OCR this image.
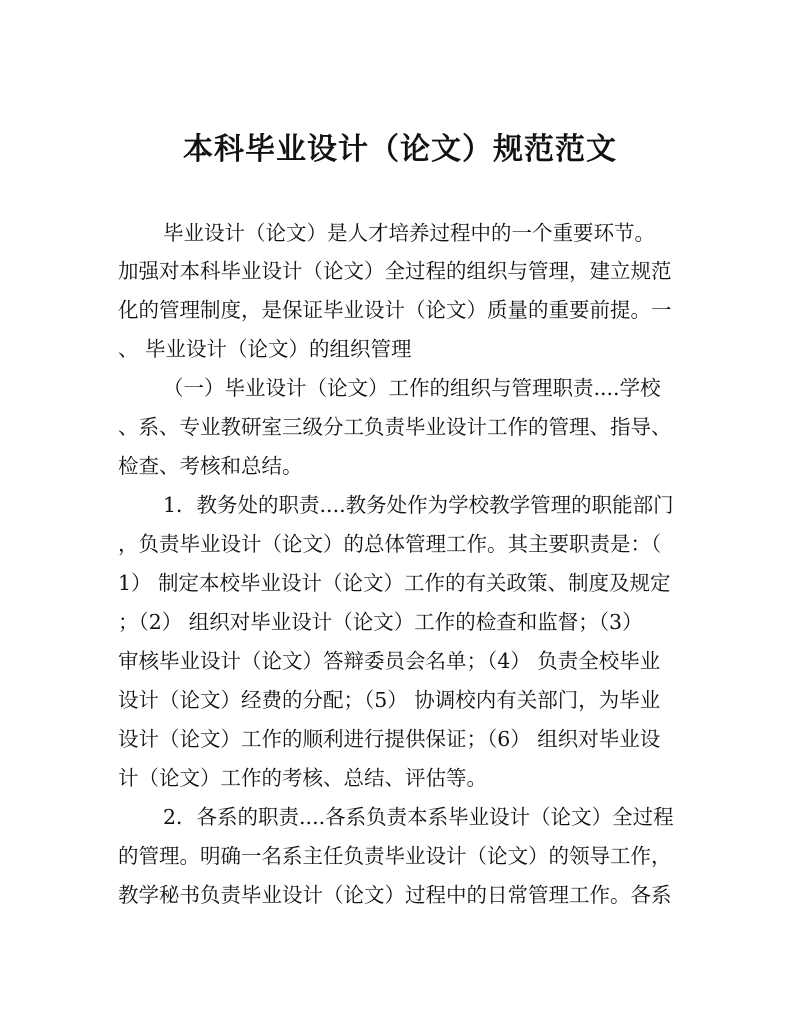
本科毕业设计（论文）规范范文
毕业设计（论文）是人才培养过程中的一个重要环节。
加强对本科毕业设计（论文）全过程的组织与管理，建立规范
化的管理制度，是保证毕业设计（论文）质量的重要前提。一
、 毕业设计（论文）的组织管理
（一）毕业设计（论文）工作的组织与管理职责....学校
、系、专业教研室三级分工负责毕业设计工作的管理、指导、
检查、考核和总结。
1．教务处的职责....教务处作为学校教学管理的职能部门
，负责毕业设计（论文）的总体管理工作。其主要职责是：（
1） 制定本校毕业设计（论文）工作的有关政策、制度及规定
；（2） 组织对毕业设计（论文）工作的检查和监督；（3）
审核毕业设计（论文）答辩委员会名单；（4） 负责全校毕业
设计（论文）经费的分配；（5） 协调校内有关部门，为毕业
设计（论文）工作的顺利进行提供保证；（6） 组织对毕业设
计（论文）工作的考核、总结、评估等。
2．各系的职责....各系负责本系毕业设计（论文）全过程
的管理。明确一名系主任负责毕业设计（论文）的领导工作，
教学秘书负责毕业设计（论文）过程中的日常管理工作。各系
